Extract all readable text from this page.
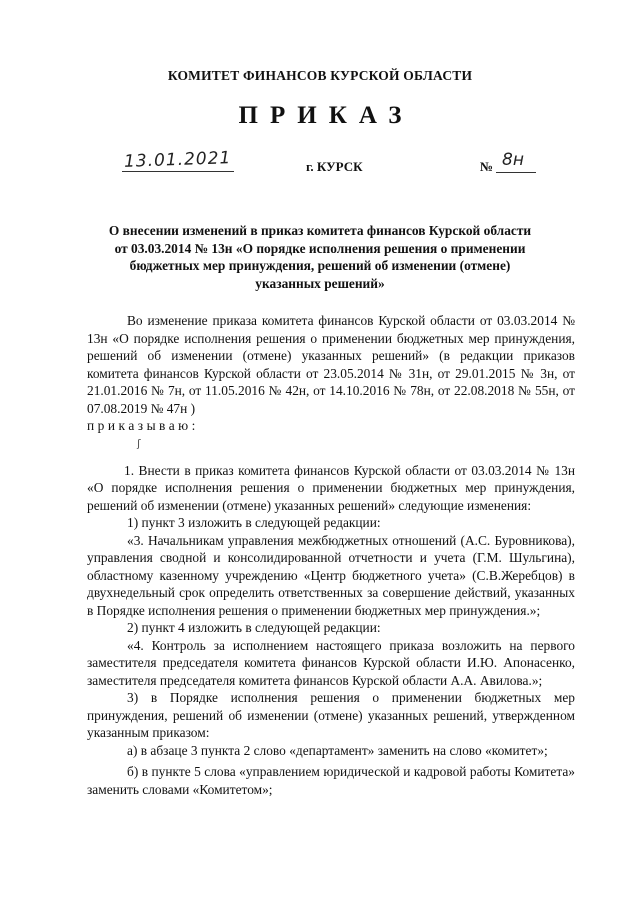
КОМИТЕТ ФИНАНСОВ КУРСКОЙ ОБЛАСТИ
ПРИКАЗ
13.01.2021	г. КУРСК	№ 8н
О внесении изменений в приказ комитета финансов Курской области
от 03.03.2014 № 13н «О порядке исполнения решения о применении
бюджетных мер принуждения, решений об изменении (отмене)
указанных решений»
ʃ

Во изменение приказа комитета финансов Курской области от 03.03.2014 № 13н «О порядке исполнения решения о применении бюджетных мер принуждения, решений об изменении (отмене) указанных решений» (в редакции приказов комитета финансов Курской области от 23.05.2014 № 31н, от 29.01.2015 № 3н, от 21.01.2016 № 7н, от 11.05.2016 № 42н, от 14.10.2016 № 78н, от 22.08.2018 № 55н, от 07.08.2019 № 47н )

приказываю:

1. Внести в приказ комитета финансов Курской области от 03.03.2014 № 13н «О порядке исполнения решения о применении бюджетных мер принуждения, решений об изменении (отмене) указанных решений» следующие изменения:

1) пункт 3 изложить в следующей редакции:

«3. Начальникам управления межбюджетных отношений (А.С. Буровникова), управления сводной и консолидированной отчетности и учета (Г.М. Шульгина), областному казенному учреждению «Центр бюджетного учета» (С.В.Жеребцов) в двухнедельный срок определить ответственных за совершение действий, указанных в Порядке исполнения решения о применении бюджетных мер принуждения.»;

2) пункт 4 изложить в следующей редакции:

«4. Контроль за исполнением настоящего приказа возложить на первого заместителя председателя комитета финансов Курской области И.Ю. Апонасенко, заместителя председателя комитета финансов Курской области А.А. Авилова.»;

3) в Порядке исполнения решения о применении бюджетных мер принуждения, решений об изменении (отмене) указанных решений, утвержденном указанным приказом:

а) в абзаце 3 пункта 2 слово «департамент» заменить на слово «комитет»;

б) в пункте 5 слова «управлением юридической и кадровой работы Комитета» заменить словами «Комитетом»;
